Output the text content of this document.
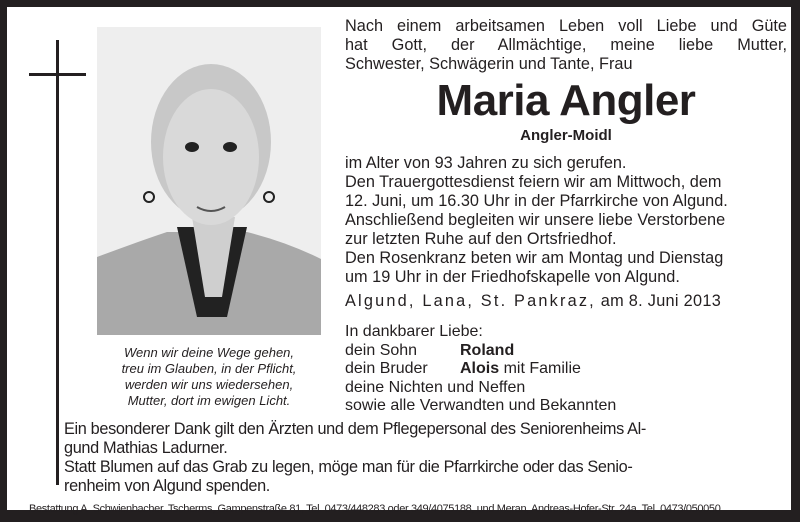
Wenn wir deine Wege gehen,
treu im Glauben, in der Pflicht,
werden wir uns wiedersehen,
Mutter, dort im ewigen Licht.
Nach einem arbeitsamen Leben voll Liebe und Güte
hat Gott, der Allmächtige, meine liebe Mutter,
Schwester, Schwägerin und Tante, Frau
Maria Angler
Angler-Moidl
im Alter von 93 Jahren zu sich gerufen.
Den Trauergottesdienst feiern wir am Mittwoch, dem
12. Juni, um 16.30 Uhr in der Pfarrkirche von Algund.
Anschließend begleiten wir unsere liebe Verstorbene
zur letzten Ruhe auf den Ortsfriedhof.
Den Rosenkranz beten wir am Montag und Dienstag
um 19 Uhr in der Friedhofskapelle von Algund.
Algund, Lana, St. Pankraz, am 8. Juni 2013
In dankbarer Liebe:
dein Sohn	Roland
dein Bruder Alois mit Familie
deine Nichten und Neffen
sowie alle Verwandten und Bekannten
Ein besonderer Dank gilt den Ärzten und dem Pflegepersonal des Seniorenheims Al-
gund Mathias Ladurner.
Statt Blumen auf das Grab zu legen, möge man für die Pfarrkirche oder das Senio-
renheim von Algund spenden.
Bestattung A. Schwienbacher, Tscherms, Gampenstraße 81, Tel. 0473/448283 oder 349/4075188, und Meran, Andreas-Hofer-Str. 24a, Tel. 0473/050050
